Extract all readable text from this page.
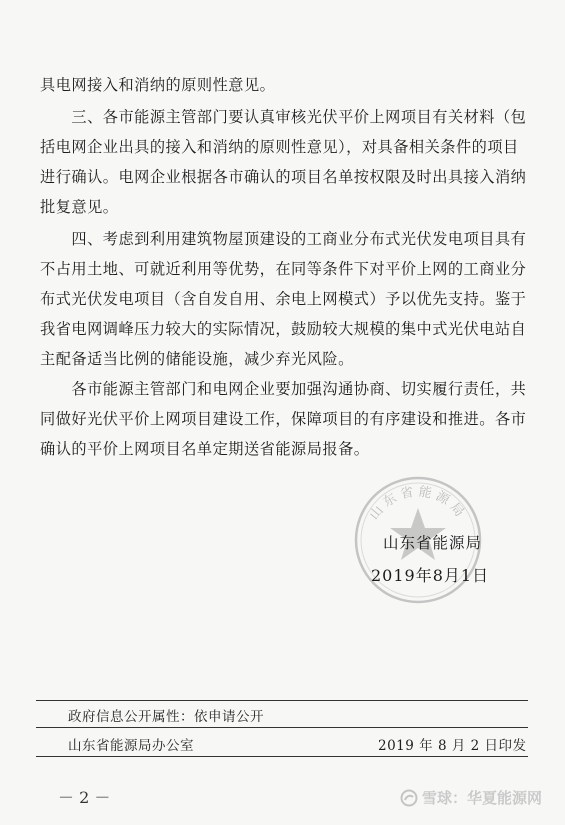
具电网接入和消纳的原则性意见。
　　三、各市能源主管部门要认真审核光伏平价上网项目有关材料（包
括电网企业出具的接入和消纳的原则性意见），对具备相关条件的项目
进行确认。电网企业根据各市确认的项目名单按权限及时出具接入消纳
批复意见。
　　四、考虑到利用建筑物屋顶建设的工商业分布式光伏发电项目具有
不占用土地、可就近利用等优势，在同等条件下对平价上网的工商业分
布式光伏发电项目（含自发自用、余电上网模式）予以优先支持。鉴于
我省电网调峰压力较大的实际情况，鼓励较大规模的集中式光伏电站自
主配备适当比例的储能设施，减少弃光风险。
　　各市能源主管部门和电网企业要加强沟通协商、切实履行责任，共
同做好光伏平价上网项目建设工作，保障项目的有序建设和推进。各市
确认的平价上网项目名单定期送省能源局报备。
山东省能源局
山东省能源局
2019年8月1日
政府信息公开属性：依申请公开
山东省能源局办公室	2019 年 8 月 2 日印发
－ 2 －	雪球：华夏能源网
